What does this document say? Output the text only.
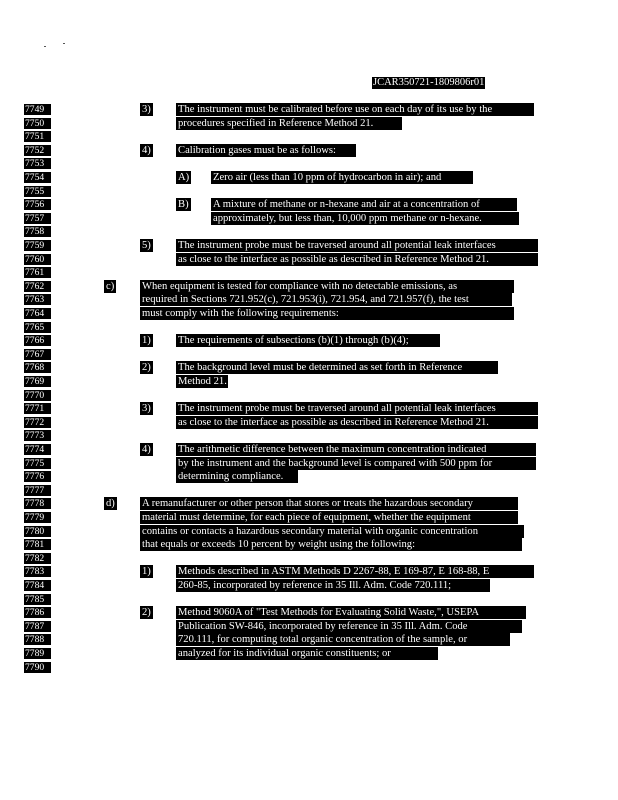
JCAR350721-1809806r01
7749
7750
7751
7752
7753
7754
7755
7756
7757
7758
7759
7760
7761
7762
7763
7764
7765
7766
7767
7768
7769
7770
7771
7772
7773
7774
7775
7776
7777
7778
7779
7780
7781
7782
7783
7784
7785
7786
7787
7788
7789
7790
3)	The instrument must be calibrated before use on each day of its use by the
procedures specified in Reference Method 21.
4)	Calibration gases must be as follows:
A) Zero air (less than 10 ppm of hydrocarbon in air); and
B) A mixture of methane or n-hexane and air at a concentration of
approximately, but less than, 10,000 ppm methane or n-hexane.
5)	The instrument probe must be traversed around all potential leak interfaces
as close to the interface as possible as described in Reference Method 21.
c)	When equipment is tested for compliance with no detectable emissions, as
required in Sections 721.952(c), 721.953(i), 721.954, and 721.957(f), the test
must comply with the following requirements:
1)	The requirements of subsections (b)(1) through (b)(4);
2)	The background level must be determined as set forth in Reference
Method 21.
3)	The instrument probe must be traversed around all potential leak interfaces
as close to the interface as possible as described in Reference Method 21.
4)	The arithmetic difference between the maximum concentration indicated
by the instrument and the background level is compared with 500 ppm for
determining compliance.
d)	A remanufacturer or other person that stores or treats the hazardous secondary
material must determine, for each piece of equipment, whether the equipment
contains or contacts a hazardous secondary material with organic concentration
that equals or exceeds 10 percent by weight using the following:
1)	Methods described in ASTM Methods D 2267-88, E 169-87, E 168-88, E
260-85, incorporated by reference in 35 Ill. Adm. Code 720.111;
2)	Method 9060A of "Test Methods for Evaluating Solid Waste,", USEPA
Publication SW-846, incorporated by reference in 35 Ill. Adm. Code
720.111, for computing total organic concentration of the sample, or
analyzed for its individual organic constituents; or
